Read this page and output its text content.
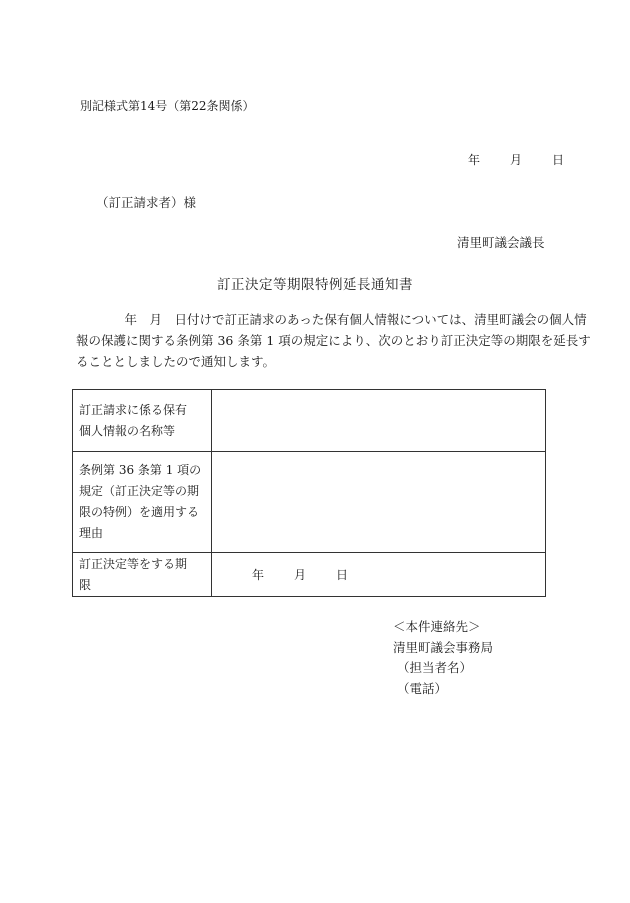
別記様式第14号（第22条関係）
年	月	日
（訂正請求者）様
清里町議会議長
訂正決定等期限特例延長通知書
　年　月　日付けで訂正請求のあった保有個人情報については、清里町議会の個人情
報の保護に関する条例第 36 条第 1 項の規定により、次のとおり訂正決定等の期限を延長す
ることとしましたので通知します。
訂正請求に係る保有
個人情報の名称等	

条例第 36 条第 1 項の
規定（訂正決定等の期
限の特例）を適用する
理由	

訂正決定等をする期
限	年 月 日
＜本件連絡先＞
清里町議会事務局
（担当者名）
（電話）
